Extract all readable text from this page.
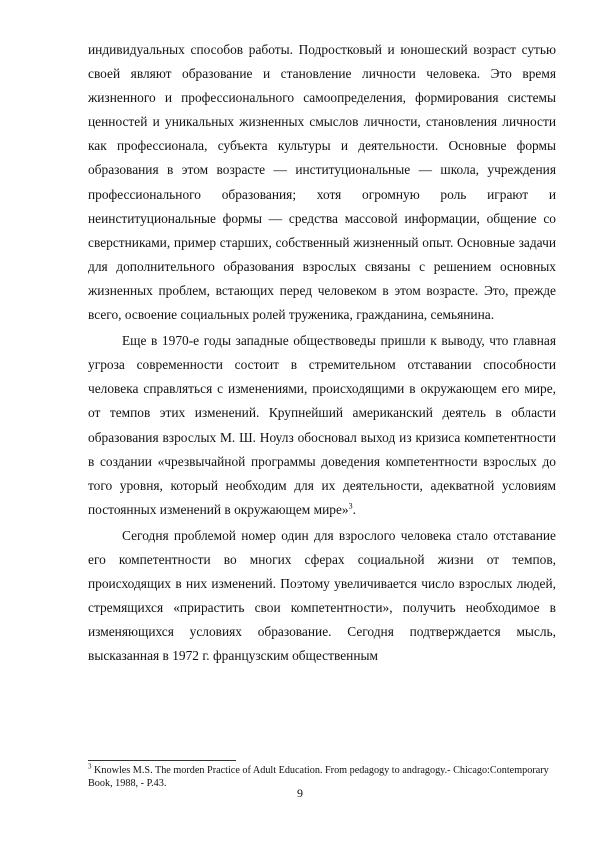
индивидуальных способов работы. Подростковый и юношеский возраст сутью своей являют образование и становление личности человека. Это время жизненного и профессионального самоопределения, формирования системы ценностей и уникальных жизненных смыслов личности, становления личности как профессионала, субъекта культуры и деятельности. Основные формы образования в этом возрасте — институциональные — школа, учреждения профессионального образования; хотя огромную роль играют и неинституциональные формы — средства массовой информации, общение со сверстниками, пример старших, собственный жизненный опыт. Основные задачи для дополнительного образования взрослых связаны с решением основных жизненных проблем, встающих перед человеком в этом возрасте. Это, прежде всего, освоение социальных ролей труженика, гражданина, семьянина.

Еще в 1970-е годы западные обществоведы пришли к выводу, что главная угроза современности состоит в стремительном отставании способности человека справляться с изменениями, происходящими в окружающем его мире, от темпов этих изменений. Крупнейший американский деятель в области образования взрослых М. Ш. Ноулз обосновал выход из кризиса компетентности в создании «чрезвычайной программы доведения компетентности взрослых до того уровня, который необходим для их деятельности, адекватной условиям постоянных изменений в окружающем мире»$^3$.

Сегодня проблемой номер один для взрослого человека стало отставание его компетентности во многих сферах социальной жизни от темпов, происходящих в них изменений. Поэтому увеличивается число взрослых людей, стремящихся «прирастить свои компетентности», получить необходимое в изменяющихся условиях образование. Сегодня подтверждается мысль, высказанная в 1972 г. французским общественным

$^3$ Knowles M.S. The morden Practice of Adult Education. From pedagogy to andragogy.- Chicago:Contemporary Book, 1988, - P.43.
9
